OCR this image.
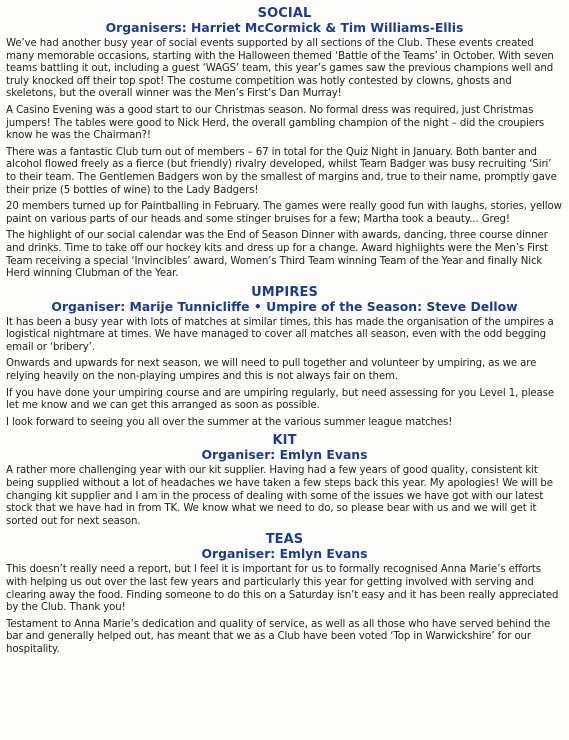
SOCIAL
Organisers: Harriet McCormick & Tim Williams-Ellis

We’ve had another busy year of social events supported by all sections of the Club. These events created many memorable occasions, starting with the Halloween themed ‘Battle of the Teams’ in October. With seven teams battling it out, including a guest ‘WAGS’ team, this year’s games saw the previous champions well and truly knocked off their top spot! The costume competition was hotly contested by clowns, ghosts and skeletons, but the overall winner was the Men’s First’s Dan Murray!

A Casino Evening was a good start to our Christmas season. No formal dress was required, just Christmas jumpers! The tables were good to Nick Herd, the overall gambling champion of the night – did the croupiers know he was the Chairman?!

There was a fantastic Club turn out of members – 67 in total for the Quiz Night in January. Both banter and alcohol flowed freely as a fierce (but friendly) rivalry developed, whilst Team Badger was busy recruiting ‘Siri’ to their team. The Gentlemen Badgers won by the smallest of margins and, true to their name, promptly gave their prize (5 bottles of wine) to the Lady Badgers!

20 members turned up for Paintballing in February. The games were really good fun with laughs, stories, yellow paint on various parts of our heads and some stinger bruises for a few; Martha took a beauty... Greg!

The highlight of our social calendar was the End of Season Dinner with awards, dancing, three course dinner and drinks. Time to take off our hockey kits and dress up for a change. Award highlights were the Men’s First Team receiving a special ‘Invincibles’ award, Women’s Third Team winning Team of the Year and finally Nick Herd winning Clubman of the Year.

UMPIRES
Organiser: Marije Tunnicliffe • Umpire of the Season: Steve Dellow

It has been a busy year with lots of matches at similar times, this has made the organisation of the umpires a logistical nightmare at times. We have managed to cover all matches all season, even with the odd begging email or ‘bribery’.

Onwards and upwards for next season, we will need to pull together and volunteer by umpiring, as we are relying heavily on the non-playing umpires and this is not always fair on them.

If you have done your umpiring course and are umpiring regularly, but need assessing for you Level 1, please let me know and we can get this arranged as soon as possible.

I look forward to seeing you all over the summer at the various summer league matches!

KIT
Organiser: Emlyn Evans

A rather more challenging year with our kit supplier. Having had a few years of good quality, consistent kit being supplied without a lot of headaches we have taken a few steps back this year. My apologies! We will be changing kit supplier and I am in the process of dealing with some of the issues we have got with our latest stock that we have had in from TK. We know what we need to do, so please bear with us and we will get it sorted out for next season.

TEAS
Organiser: Emlyn Evans

This doesn’t really need a report, but I feel it is important for us to formally recognised Anna Marie’s efforts with helping us out over the last few years and particularly this year for getting involved with serving and clearing away the food. Finding someone to do this on a Saturday isn’t easy and it has been really appreciated by the Club. Thank you!

Testament to Anna Marie’s dedication and quality of service, as well as all those who have served behind the bar and generally helped out, has meant that we as a Club have been voted ‘Top in Warwickshire’ for our hospitality.
